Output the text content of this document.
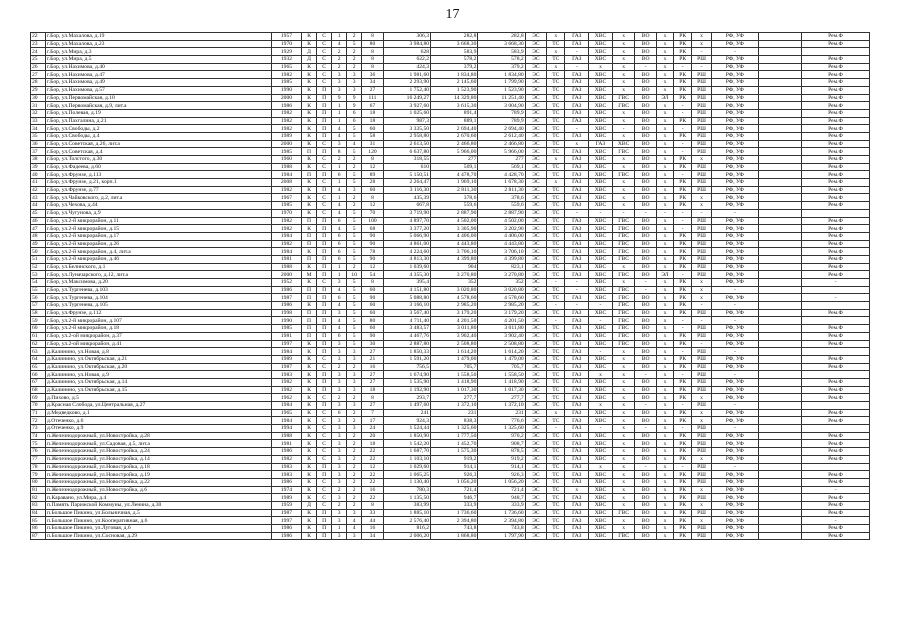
17
22	г.Бор, ул.Махалова, д.19	1957	К	С	1	2	8	306,3	282,8	282,8	ЭС	х	ГАЗ	ХВС	х	ВО	х	РК	х	РФ, УФ		Рем.Ф
23	г.Бор, ул.Махалова, д.23	1970	К	С	4	5	80	3 984,80	3 668,30	3 668,30	ЭС	ТС	ГАЗ	ХВС	х	ВО	х	РК	х	РФ, УФ		Рем.Ф
24	г.Бор, ул.Мира, д.3	1929	Д	С	2	2	8	628	583,9	583,9	ЭС	х	-	ХВС	х	ВО	х	РК	-	-		
25	г.Бор, ул.Мира, д.5	1932	Д	С	2	2	8	622,2	578,2	578,2	ЭС	ТС	ГАЗ	ХВС	х	ВО	х	РК	РШ	РФ, УФ		Рем.Ф
26	г.Бор, ул.Нахимова, д.40	1965	К	С	2	2	8	424,3	379,2	379,2	ЭС	х	-	х	х	-	х	-	-	РФ, УФ		Рем.Ф
27	г.Бор, ул.Нахимова, д.47	1982	К	С	3	3	36	1 981,60	1 834,80	1 834,80	ЭС	ТС	ГАЗ	ХВС	х	ВО	х	РК	РШ	РФ, УФ		Рем.Ф
28	г.Бор, ул.Нахимова, д.49	1985	К	С	3	3	34	2 293,90	2 145,60	1 799,90	ЭС	ТС	ГАЗ	ХВС	х	ВО	х	РК	РШ	РФ, УФ		Рем.Ф
29	г.Бор, ул.Нахимова, д.57	1990	К	П	3	3	27	1 752,40	1 523,90	1 523,90	ЭС	ТС	ГАЗ	ХВС	х	ВО	х	РК	РШ	РФ, УФ		Рем.Ф
30	г.Бор, ул.Первомайская, д.10	2000	К	П	9	9	111	16 249,27	14 329,80	11 251,40	ЭС	ТС	ГАЗ	ХВС	ГВС	ВО	ЭЛ	РК	РШ	РФ, УФ		Рем.Ф
31	г.Бор, ул.Первомайская, д.9, лит.а	1986	К	П	1	9	67	3 927,60	3 615,30	3 004,90	ЭС	ТС	ГАЗ	ХВС	ГВС	ВО	х	-	РШ	РФ, УФ		Рем.Ф
32	г.Бор, ул.Полевая, д.19	1982	К	П	1	6	18	1 025,60	891,4	789,9	ЭС	ТС	ГАЗ	ХВС	х	ВО	х	-	РШ	РФ, УФ		Рем.Ф
33	г.Бор, ул.Пахгалина, д.21	1982	К	П	1	6	18	987,3	889,1	789,9	ЭС	ТС	ГАЗ	ХВС	х	ВО	х	РК	РШ	РФ, УФ		Рем.Ф
34	г.Бор, ул.Свободы, д.2	1982	К	П	4	5	60	3 335,50	2 694,40	2 694,40	ЭС	ТС	-	ХВС	-	ВО	х	-	РШ	РФ, УФ		Рем.Ф
35	г.Бор, ул.Свободы, д.4	1989	К	П	4	5	58	2 958,80	2 670,60	2 612,40	ЭС	ТС	ГАЗ	ХВС	х	ВО	х	РК	РШ	РФ, УФ		Рем.Ф
36	г.Бор, ул.Советская, д.26, лит.а	2000	К	С	3	4	31	2 613,50	2 466,80	2 466,80	ЭС	ТС	х	ГАЗ	ХВС	ВО	х	-	РШ	РФ, УФ		Рем.Ф
37	г.Бор, ул.Советская, д.4	1985	П	П	8	5	120	6 637,80	5 966,00	5 966,00	ЭС	ТС	ГАЗ	ХВС	ГВС	ВО	х	-	РШ	РФ, УФ		Рем.Ф
38	г.Бор, ул.Толстого, д.30	1960	К	С	2	2	8	318,55	277	277	ЭС	х	ГАЗ	ХВС	х	ВО	х	РК	х	РФ, УФ		Рем.Ф
39	г.Бор, ул.Фадеева, д.60	1988	К	С	1	2	12	610	569,1	569,1	ЭС	ТС	ГАЗ	ХВС	х	ВО	х	РК	РШ	РФ, УФ		Рем.Ф
40	г.Бор, ул.Фрунзе, д.113	1984	П	П	6	5	89	5 150,51	4 478,70	4 428,70	ЭС	ТС	ГАЗ	ХВС	ГВС	ВО	х	-	РШ	РФ, УФ		Рем.Ф
41	г.Бор, ул.Фрунзе, д.21, корп.1	2008	К	С	1	5	28	2 264,47	1 969,10	1 678,30	ЭС	х	ГАЗ	ХВС	х	ВО	х	РК	РШ	РФ, УФ		Рем.Ф
42	г.Бор, ул.Фрунзе, д.77	1982	К	П	4	3	60	3 116,30	2 811,30	2 811,30	ЭС	ТС	ГАЗ	ХВС	х	ВО	х	РК	РШ	РФ, УФ		Рем.Ф
43	г.Бор, ул.Чайковского, д.2, лит.а	1967	К	С	1	2	8	435,39	378,6	378,6	ЭС	ТС	ГАЗ	ХВС	х	ВО	х	РК	х	РФ, УФ		Рем.Ф
44	г.Бор, ул.Чехова, д.44	1985	К	С	4	2	12	667,8	559,6	559,6	ЭС	ТС	ГАЗ	ХВС	х	ВО	х	РК	х	РФ, УФ		Рем.Ф
45	г.Бор, ул.Чугунова, д.9	1970	К	С	4	5	70	3 719,90	2 887,90	2 887,90	ЭС	ТС	-	-	-	-	-	-	-	-		
46	г.Бор, ул.2-й микрорайон, д.11	1982	П	П	6	5	100	4 897,70	4 502,00	4 502,00	ЭС	ТС	ГАЗ	ХВС	ГВС	ВО	х	-	РШ	РФ, УФ		Рем.Ф
47	г.Бор, ул.2-й микрорайон, д.15	1982	К	П	4	5	68	3 377,20	3 305,90	3 202,90	ЭС	ТС	ГАЗ	ХВС	ГВС	ВО	х	-	РШ	РФ, УФ		Рем.Ф
48	г.Бор, ул.2-й микрорайон, д.17	1984	П	П	6	5	90	5 066,90	4 406,00	4 406,00	ЭС	ТС	ГАЗ	ХВС	ГВС	ВО	х	РК	РШ	РФ, УФ		Рем.Ф
49	г.Бор, ул.2-й микрорайон, д.26	1982	П	П	6	5	90	4 861,00	4 443,80	4 443,80	ЭС	ТС	ГАЗ	ХВС	ГВС	ВО	х	РК	РШ	РФ, УФ		Рем.Ф
50	г.Бор, ул.2-й микрорайон, д.4, лит.а	1984	К	П	6	5	78	4 224,60	3 706,10	3 706,10	ЭС	ТС	ГАЗ	ХВС	ГВС	ВО	х	РК	РШ	РФ, УФ		Рем.Ф
51	г.Бор, ул.2-й микрорайон, д.46	1981	П	П	6	5	90	4 813,30	4 399,80	4 399,80	ЭС	ТС	ГАЗ	ХВС	ГВС	ВО	х	РК	РШ	РФ, УФ		Рем.Ф
52	г.Бор, ул.Белинского, д.1	1988	К	П	1	2	12	1 039,60	904	823,1	ЭС	ТС	ГАЗ	ХВС	х	ВО	х	РК	РШ	РФ, УФ		Рем.Ф
53	г.Бор, ул.Луначарского, д.12, лит.а	2000	М	П	1	10	54	4 355,30	3 270,80	3 270,80	ЭС	ТС	ГАЗ	ХВС	ГВС	ВО	ЭЛ	-	РШ	РФ, УФ		Рем.Ф
54	г.Бор, ул.Максимова, д.20	1952	К	С	3	5	8	395,4	352	352	ЭС	-	-	ХВС	х	-	х	РК	х	РФ, УФ		-
55	г.Бор, ул.Тургенева, д.103	1986	П	П	4	5	60	4 151,80	3 020,80	3 020,80	ЭС	ТС	-	ХВС	ГВС	-	х	РК	х	-		
56	г.Бор, ул.Тургенева, д.104	1987	П	П	6	5	90	5 088,80	4 578,60	4 578,60	ЭС	ТС	ГАЗ	ХВС	ГВС	ВО	х	РК	х	РФ, УФ		-
57	г.Бор, ул.Тургенева, д.105	1986	К	П	4	5	60	3 166,10	2 985,20	2 985,20	ЭС	-	-	-	ГВС	ВО	х	РК	-	-		
58	г.Бор, ул.Фрунзе, д.112	1998	П	П	3	5	60	3 567,40	3 179,20	3 179,20	ЭС	ТС	ГАЗ	ХВС	ГВС	ВО	х	РК	РШ	РФ, УФ		Рем.Ф
59	г.Бор, ул.2-й микрорайон, д.107	1990	П	П	4	5	80	4 711,40	4 201,50	4 201,50	ЭС	-	ГАЗ	-	ГВС	ВО	х	-	-	-		
60	г.Бор, ул.2-й микрорайон, д.18	1985	П	П	4	5	60	3 483,57	3 011,80	3 011,80	ЭС	ТС	ГАЗ	ХВС	ГВС	ВО	х	-	РШ	РФ, УФ		Рем.Ф
61	г.Бор, ул.2-ой микрорайон, д.37	1981	П	П	6	5	90	4 467,76	3 902,40	3 902,40	ЭС	ТС	ГАЗ	ХВС	ГВС	ВО	х	РК	РШ	РФ, УФ		Рем.Ф
62	г.Бор, ул.2-ой микрорайон, д.41	1997	К	П	3	5	30	2 887,80	2 508,80	2 508,80	ЭС	ТС	ГАЗ	ХВС	ГВС	ВО	х	РК	-	РФ, УФ		Рем.Ф
63	д.Калинино, ул.Новая, д.8	1984	К	П	3	3	27	1 850,33	1 614,20	1 614,20	ЭС	ТС	ГАЗ	-	х	ВО	х	-	РШ	-		
64	д.Калинино, ул.Октябрьская, д.21	1989	К	С	3	3	21	1 591,20	1 479,00	1 479,00	ЭС	ТС	ГАЗ	ХВС	х	ВО	х	РК	РШ	РФ, УФ		Рем.Ф
65	д.Калинино, ул.Октябрьская, д.20	1987	К	С	2	2	16	756,5	705,7	705,7	ЭС	ТС	ГАЗ	ХВС	х	ВО	х	РК	РШ	РФ, УФ		Рем.Ф
66	д.Калинино, ул.Новая, д.9	1983	К	П	3	3	27	1 674,90	1 558,50	1 558,50	ЭС	ТС	ГАЗ	х	х	-	х	-	РШ	-		
67	д.Калинино, ул.Октябрьская, д.14	1982	К	П	3	3	27	1 535,90	1 418,90	1 418,90	ЭС	ТС	ГАЗ	ХВС	х	ВО	х	РК	РШ	РФ, УФ		Рем.Ф
68	д.Калинино, ул.Октябрьская, д.15	1982	К	П	3	3	18	1 192,90	1 017,30	1 017,30	ЭС	ТС	ГАЗ	ХВС	х	ВО	х	РК	РШ	РФ, УФ		Рем.Ф
69	д.Пихово, д.5	1962	К	С	2	2	8	293,7	277,7	277,7	ЭС	ТС	ГАЗ	ХВС	х	ВО	х	РК	х	РФ, УФ		Рем.Ф
70	д.Красная Слобода, ул.Центральная, д.27	1984	К	П	3	3	27	1 497,60	1 372,10	1 372,10	ЭС	ТС	ГАЗ	х	х	-	х	-	РШ	-		
71	д.Медведково, д.1	1965	К	С	6	2	7	241	231	231	ЭС	х	ГАЗ	ХВС	х	ВО	х	РК	х	РФ, УФ		Рем.Ф
72	д.Отеченко, д.6	1984	К	С	3	2	17	924,3	838,3	776,6	ЭС	ТС	ГАЗ	ХВС	х	ВО	х	РК	х	РФ, УФ		Рем.Ф
73	д.Отеченко, д.9	1994	К	С	3	3	24	1 524,44	1 325,60	1 325,60	ЭС	-	ГАЗ	-	х	-	х	-	РШ	-		
74	п.Железнодорожный, ул.Новостройка, д.28	1988	К	С	3	2	20	1 850,90	1 777,50	970,2	ЭС	ТС	ГАЗ	ХВС	х	ВО	х	РК	РШ	РФ, УФ		Рем.Ф
75	п.Железнодорожный, ул.Садовая, д.5, лит.а	1981	К	С	3	2	18	1 542,20	1 452,70	908,7	ЭС	ТС	ГАЗ	ХВС	х	ВО	х	РК	РШ	РФ, УФ		Рем.Ф
76	п.Железнодорожный, ул.Новостройка, д.24	1986	К	С	3	2	22	1 687,70	1 575,30	878,5	ЭС	ТС	ГАЗ	ХВС	х	ВО	х	РК	РШ	РФ, УФ		Рем.Ф
77	п.Железнодорожный, ул.Новостройка, д.14	1982	К	С	3	2	22	1 103,10	919,2	919,2	ЭС	ТС	ГАЗ	ХВС	х	ВО	х	РК	х	РФ, УФ		Рем.Ф
78	п.Железнодорожный, ул.Новостройка, д.18	1983	К	П	3	2	12	1 029,60	914,1	914,1	ЭС	ТС	ГАЗ	х	х	-	х	-	РШ	-		
79	п.Железнодорожный, ул.Новостройка, д.19	1983	К	П	3	2	22	1 065,25	926,3	926,3	ЭС	ТС	ГАЗ	ХВС	х	ВО	х	РК	РШ	РФ, УФ		Рем.Ф
80	п.Железнодорожный, ул.Новостройка, д.22	1986	К	С	3	2	22	1 130,40	1 056,20	1 056,20	ЭС	ТС	ГАЗ	ХВС	х	ВО	х	РК	РШ	РФ, УФ		Рем.Ф
81	п.Железнодорожный, ул.Новостройка, д.6	1974	К	С	2	2	16	780,3	721,4	721,4	ЭС	ТС	х	ХВС	х	ВО	х	РК	х	РФ, УФ		-
82	п.Каравано, ул.Мира, д.4	1989	К	С	3	2	22	1 135,50	946,7	948,7	ЭС	ТС	ГАЗ	ХВС	х	ВО	х	РК	РШ	РФ, УФ		Рем.Ф
83	п.Память Парижской Коммуны, ул.Ленина, д.30	1959	Д	С	2	2	8	383,99	333,9	333,9	ЭС	ТС	ГАЗ	ХВС	х	ВО	х	РК	х	РФ, УФ		Рем.Ф
84	п.Большое Пикино, ул.Больничная, д.5	1987	К	П	3	3	33	1 885,10	1 736,60	1 736,60	ЭС	ТС	ГАЗ	ХВС	ГВС	ВО	х	РК	РШ	РФ, УФ		Рем.Ф
85	п.Большое Пикино, ул.Кооперативная, д.6	1997	К	П	3	4	44	2 576,40	2 394,80	2 394,80	ЭС	ТС	ГАЗ	ХВС	х	ВО	х	РК	х	РФ, УФ		-
86	п.Большое Пикино, ул.Луговая, д.6	1986	К	П	1	4	16	816,2	743,8	743,8	ЭС	ТС	ГАЗ	ХВС	х	ВО	х	РК	РШ	РФ, УФ		Рем.Ф
87	п.Большое Пикино, ул.Сосновая, д.29	1986	К	П	3	3	34	2 006,20	1 868,80	1 797,90	ЭС	ТС	ГАЗ	ХВС	ГВС	ВО	х	РК	РШ	РФ, УФ		Рем.Ф
